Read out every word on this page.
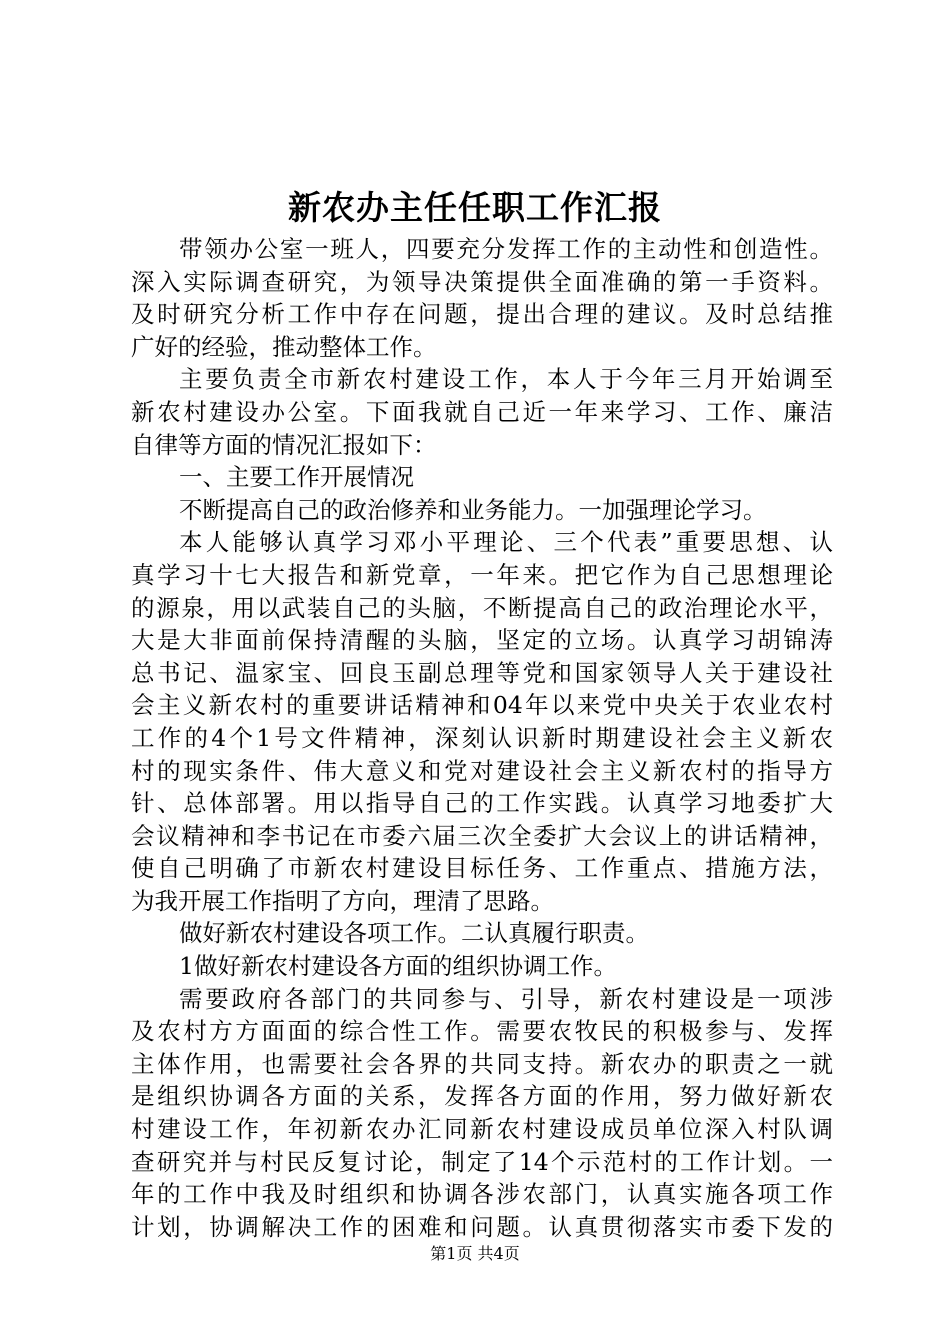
新农办主任任职工作汇报
带领办公室一班人，四要充分发挥工作的主动性和创造性。
深入实际调查研究，为领导决策提供全面准确的第一手资料。
及时研究分析工作中存在问题，提出合理的建议。及时总结推
广好的经验，推动整体工作。
主要负责全市新农村建设工作，本人于今年三月开始调至
新农村建设办公室。下面我就自己近一年来学习、工作、廉洁
自律等方面的情况汇报如下：
一、主要工作开展情况
不断提高自己的政治修养和业务能力。一加强理论学习。
本人能够认真学习邓小平理论、三个代表”重要思想、认
真学习十七大报告和新党章，一年来。把它作为自己思想理论
的源泉，用以武装自己的头脑，不断提高自己的政治理论水平，
大是大非面前保持清醒的头脑，坚定的立场。认真学习胡锦涛
总书记、温家宝、回良玉副总理等党和国家领导人关于建设社
会主义新农村的重要讲话精神和04年以来党中央关于农业农村
工作的4个1号文件精神，深刻认识新时期建设社会主义新农
村的现实条件、伟大意义和党对建设社会主义新农村的指导方
针、总体部署。用以指导自己的工作实践。认真学习地委扩大
会议精神和李书记在市委六届三次全委扩大会议上的讲话精神，
使自己明确了市新农村建设目标任务、工作重点、措施方法，
为我开展工作指明了方向，理清了思路。
做好新农村建设各项工作。二认真履行职责。
1做好新农村建设各方面的组织协调工作。
需要政府各部门的共同参与、引导，新农村建设是一项涉
及农村方方面面的综合性工作。需要农牧民的积极参与、发挥
主体作用，也需要社会各界的共同支持。新农办的职责之一就
是组织协调各方面的关系，发挥各方面的作用，努力做好新农
村建设工作，年初新农办汇同新农村建设成员单位深入村队调
查研究并与村民反复讨论，制定了14个示范村的工作计划。一
年的工作中我及时组织和协调各涉农部门，认真实施各项工作
计划，协调解决工作的困难和问题。认真贯彻落实市委下发的
第1页 共4页
